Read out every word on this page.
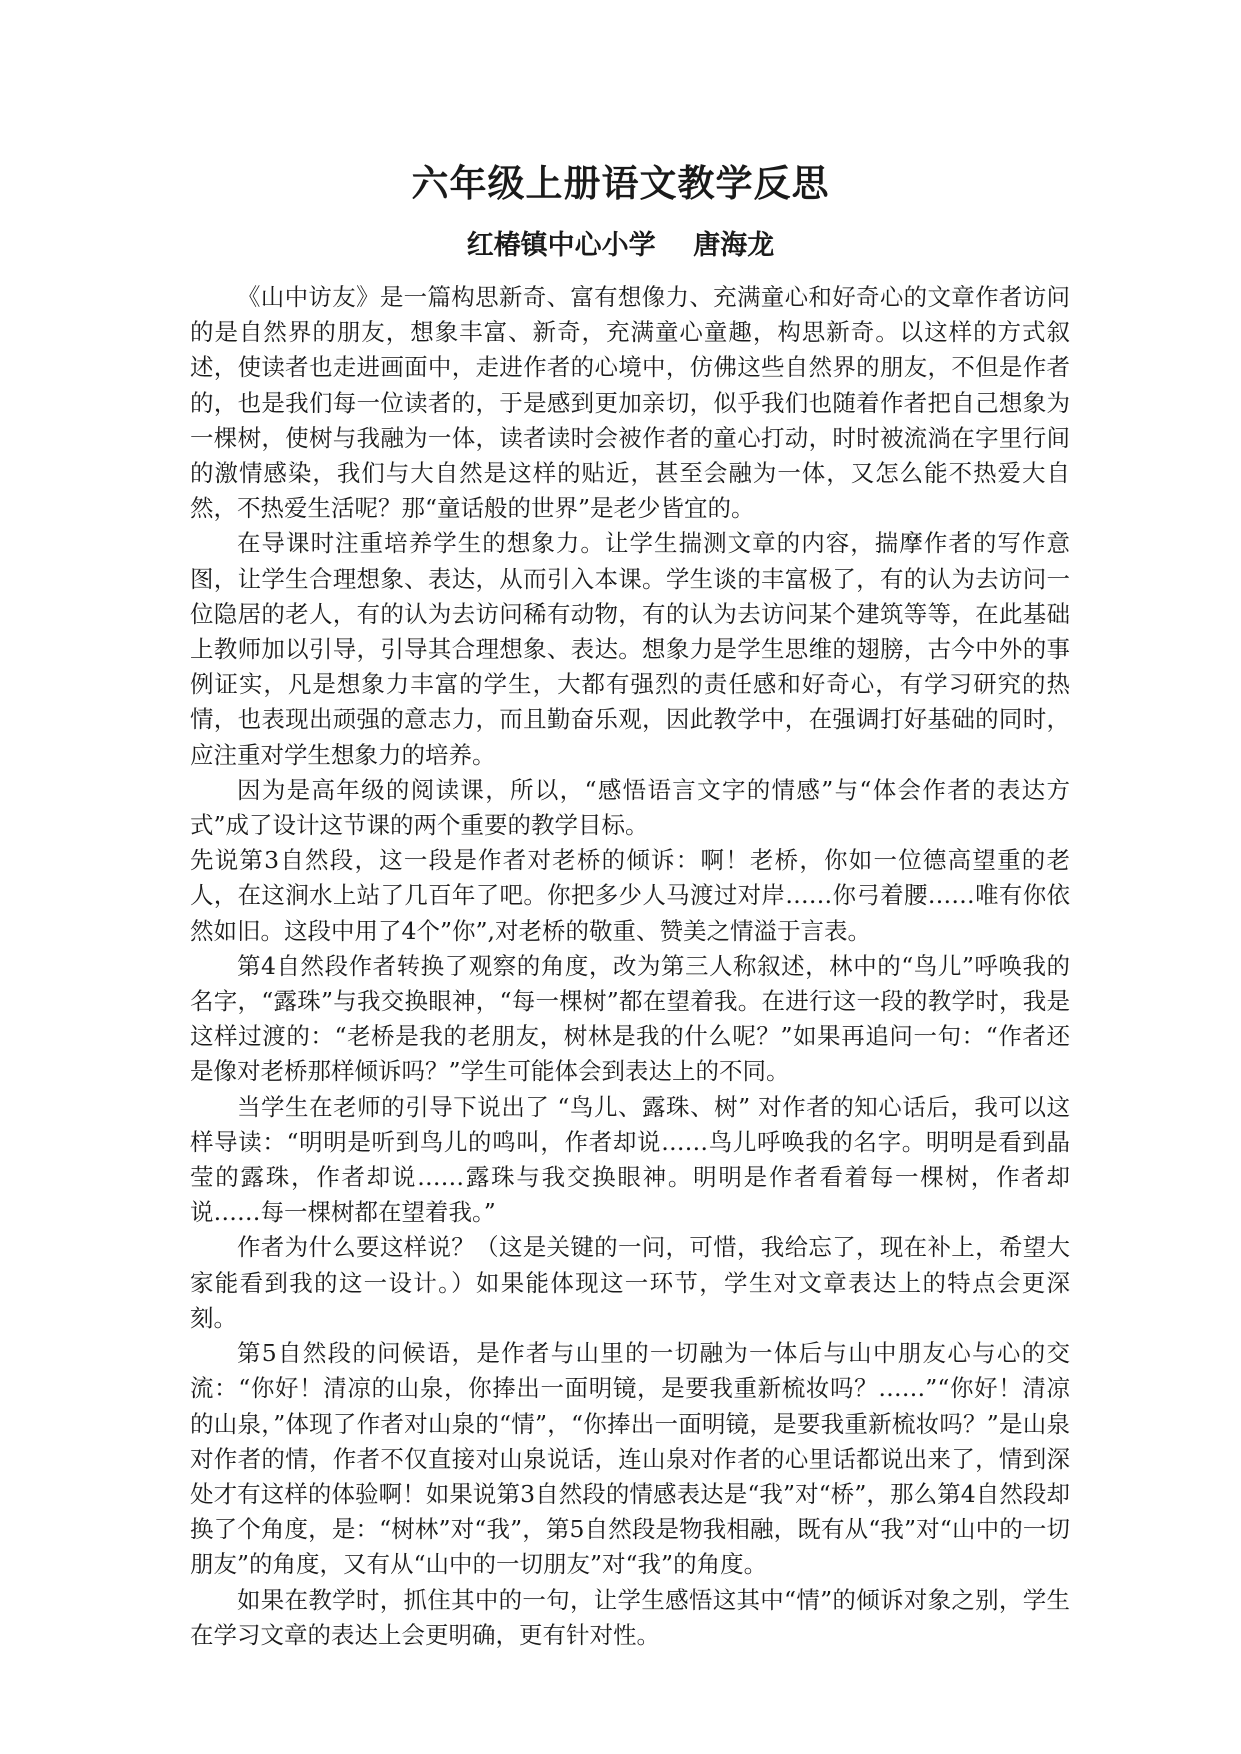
六年级上册语文教学反思
红椿镇中心小学    唐海龙

《山中访友》是一篇构思新奇、富有想像力、充满童心和好奇心的文章作者访问的是自然界的朋友，想象丰富、新奇，充满童心童趣，构思新奇。以这样的方式叙述，使读者也走进画面中，走进作者的心境中，仿佛这些自然界的朋友，不但是作者的，也是我们每一位读者的，于是感到更加亲切，似乎我们也随着作者把自己想象为一棵树，使树与我融为一体，读者读时会被作者的童心打动，时时被流淌在字里行间的激情感染，我们与大自然是这样的贴近，甚至会融为一体，又怎么能不热爱大自然，不热爱生活呢？那“童话般的世界”是老少皆宜的。

在导课时注重培养学生的想象力。让学生揣测文章的内容，揣摩作者的写作意图，让学生合理想象、表达，从而引入本课。学生谈的丰富极了，有的认为去访问一位隐居的老人，有的认为去访问稀有动物，有的认为去访问某个建筑等等，在此基础上教师加以引导，引导其合理想象、表达。想象力是学生思维的翅膀，古今中外的事例证实，凡是想象力丰富的学生，大都有强烈的责任感和好奇心，有学习研究的热情，也表现出顽强的意志力，而且勤奋乐观，因此教学中，在强调打好基础的同时，应注重对学生想象力的培养。

因为是高年级的阅读课，所以，“感悟语言文字的情感”与“体会作者的表达方式”成了设计这节课的两个重要的教学目标。

先说第3自然段，这一段是作者对老桥的倾诉：啊！老桥，你如一位德高望重的老人，在这涧水上站了几百年了吧。你把多少人马渡过对岸……你弓着腰……唯有你依然如旧。这段中用了4个”你”,对老桥的敬重、赞美之情溢于言表。

第4自然段作者转换了观察的角度，改为第三人称叙述，林中的“鸟儿”呼唤我的名字，“露珠”与我交换眼神，“每一棵树”都在望着我。在进行这一段的教学时，我是这样过渡的：“老桥是我的老朋友，树林是我的什么呢？”如果再追问一句：“作者还是像对老桥那样倾诉吗？”学生可能体会到表达上的不同。

当学生在老师的引导下说出了 “鸟儿、露珠、树” 对作者的知心话后，我可以这样导读：“明明是听到鸟儿的鸣叫，作者却说……鸟儿呼唤我的名字。明明是看到晶莹的露珠，作者却说……露珠与我交换眼神。明明是作者看着每一棵树，作者却说……每一棵树都在望着我。”

作者为什么要这样说？（这是关键的一问，可惜，我给忘了，现在补上，希望大家能看到我的这一设计。）如果能体现这一环节，学生对文章表达上的特点会更深刻。

第5自然段的问候语，是作者与山里的一切融为一体后与山中朋友心与心的交流：“你好！清凉的山泉，你捧出一面明镜，是要我重新梳妆吗？……”“你好！清凉的山泉，”体现了作者对山泉的“情”，“你捧出一面明镜，是要我重新梳妆吗？”是山泉对作者的情，作者不仅直接对山泉说话，连山泉对作者的心里话都说出来了，情到深处才有这样的体验啊！如果说第3自然段的情感表达是“我”对“桥”，那么第4自然段却换了个角度，是：“树林”对“我”，第5自然段是物我相融，既有从“我”对“山中的一切朋友”的角度，又有从“山中的一切朋友”对“我”的角度。

如果在教学时，抓住其中的一句，让学生感悟这其中“情”的倾诉对象之别，学生在学习文章的表达上会更明确，更有针对性。
